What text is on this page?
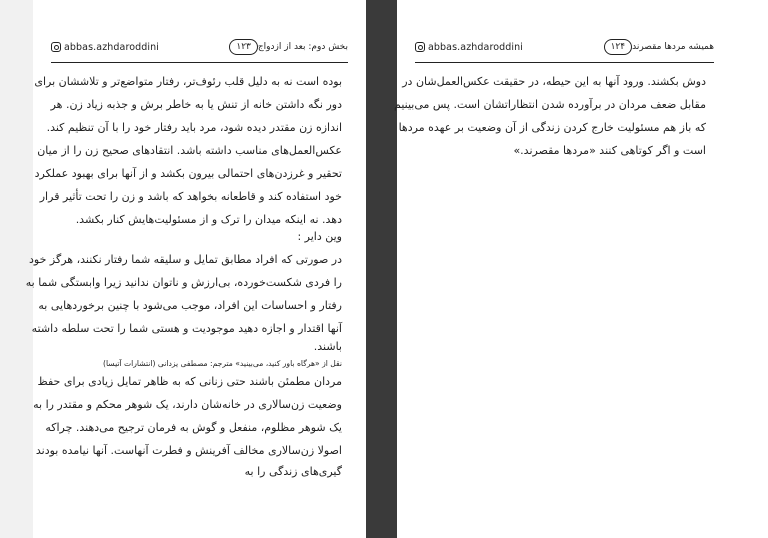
abbas.azhdaroddini	بخش دوم: بعد از ازدواج
۱۲۳
بوده است نه به دلیل قلب رئوف‌تر، رفتار متواضع‌تر و تلاششان برای
دور نگه داشتن خانه از تنش یا به خاطر برش و جذبه زیاد زن. هر
اندازه زن مقتدر دیده شود، مرد باید رفتار خود را با آن تنظیم کند.
عکس‌العمل‌های مناسب داشته باشد. انتقادهای صحیح زن را از میان
تحقیر و غرزدن‌های احتمالی بیرون بکشد و از آنها برای بهبود عملکرد
خود استفاده کند و قاطعانه بخواهد که باشد و زن را تحت تأثیر قرار
دهد. نه اینکه میدان را ترک و از مسئولیت‌هایش کنار بکشد.
وین دایر :
در صورتی که افراد مطابق تمایل و سلیقه شما رفتار نکنند، هرگز خود
را فردی شکست‌خورده، بی‌ارزش و ناتوان ندانید زیرا وابستگی شما به
رفتار و احساسات این افراد، موجب می‌شود با چنین برخوردهایی به
آنها اقتدار و اجازه دهید موجودیت و هستی شما را تحت سلطه داشته
باشند.
نقل از «هرگاه باور کنید، می‌بینید» مترجم: مصطفی یزدانی (انتشارات آتیسا)
مردان مطمئن باشند حتی زنانی که به ظاهر تمایل زیادی برای حفظ
وضعیت زن‌سالاری در خانه‌شان دارند، یک شوهر محکم و مقتدر را به
یک شوهر مظلوم، منفعل و گوش به فرمان ترجیح می‌دهند. چراکه
اصولا زن‌سالاری مخالف آفرینش و فطرت آنهاست. آنها نیامده بودند
گیری‌های زندگی را به
abbas.azhdaroddini	همیشه مردها مقصرند
۱۲۴
دوش بکشند. ورود آنها به این حیطه، در حقیقت عکس‌العمل‌شان در
مقابل ضعف مردان در برآورده شدن انتظاراتشان است. پس می‌بینیم
که باز هم مسئولیت خارج کردن زندگی از آن وضعیت بر عهده مردها
است و اگر کوتاهی کنند «مردها مقصرند.»
